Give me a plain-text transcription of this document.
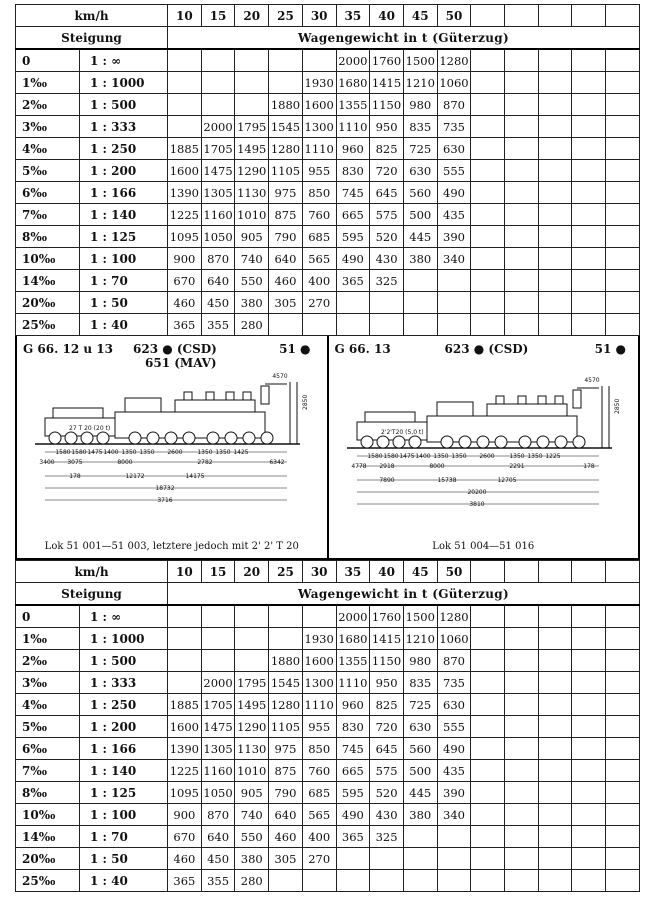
km/h		10	15	20	25	30	35	40	45	50					
Steigung		Wagengewicht in t (Güterzug)													
0	1 : ∞						2000	1760	1500	1280					
1‰	1 : 1000					1930	1680	1415	1210	1060					
2‰	1 : 500				1880	1600	1355	1150	980	870					
3‰	1 : 333		2000	1795	1545	1300	1110	950	835	735					
4‰	1 : 250	1885	1705	1495	1280	1110	960	825	725	630					
5‰	1 : 200	1600	1475	1290	1105	955	830	720	630	555					
6‰	1 : 166	1390	1305	1130	975	850	745	645	560	490					
7‰	1 : 140	1225	1160	1010	875	760	665	575	500	435					
8‰	1 : 125	1095	1050	905	790	685	595	520	445	390					
10‰	1 : 100	900	870	740	640	565	490	430	380	340					
14‰	1 : 70	670	640	550	460	400	365	325							
20‰	1 : 50	460	450	380	305	270									
25‰	1 : 40	365	355	280											
G 66. 12 u 13 623 ● (CSD)
651 (MAV)
51 ●
27 T 20 (20 t)
1580 1580 1475 1400 1350 1350 2600 1350 1350 1425
3400 3075	8000	2782	6342
178	12172	14175
18732
3716
4570
2850
Lok 51 001—51 003, letztere jedoch mit 2' 2' T 20
G 66. 13	623 ● (CSD)	51 ●
2'2'T20 (5,0 t)
1580 1580 1475 1400 1350 1350 2600 1350 1350 1225
4778 2918	8000	2291	178
7890	15738	12705
20200
3810
4570
2850
Lok 51 004—51 016
km/h		10	15	20	25	30	35	40	45	50					
Steigung		Wagengewicht in t (Güterzug)													
0	1 : ∞						2000	1760	1500	1280					
1‰	1 : 1000					1930	1680	1415	1210	1060					
2‰	1 : 500				1880	1600	1355	1150	980	870					
3‰	1 : 333		2000	1795	1545	1300	1110	950	835	735					
4‰	1 : 250	1885	1705	1495	1280	1110	960	825	725	630					
5‰	1 : 200	1600	1475	1290	1105	955	830	720	630	555					
6‰	1 : 166	1390	1305	1130	975	850	745	645	560	490					
7‰	1 : 140	1225	1160	1010	875	760	665	575	500	435					
8‰	1 : 125	1095	1050	905	790	685	595	520	445	390					
10‰	1 : 100	900	870	740	640	565	490	430	380	340					
14‰	1 : 70	670	640	550	460	400	365	325							
20‰	1 : 50	460	450	380	305	270									
25‰	1 : 40	365	355	280											
